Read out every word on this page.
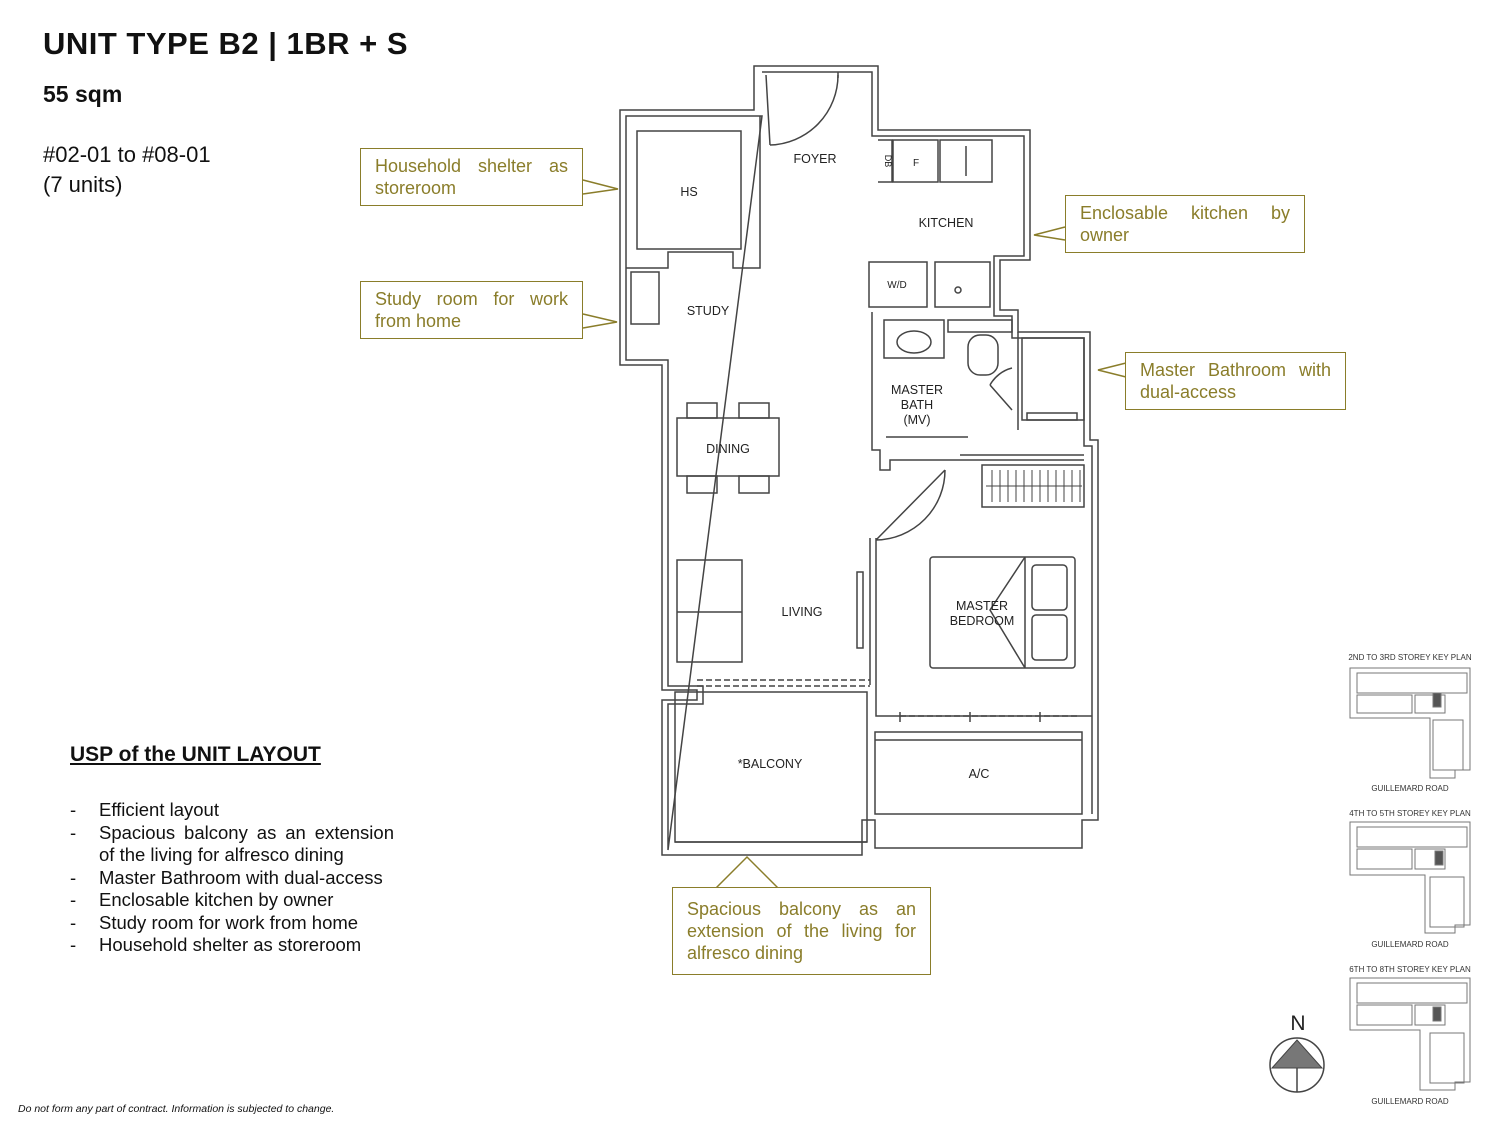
UNIT TYPE B2 | 1BR + S
55 sqm
#02-01 to #08-01
(7 units)
FOYER
HS
DB F
KITCHEN
W/D
STUDY
MASTER
BATH
(MV)
DINING
LIVING	MASTER
BEDROOM
*BALCONY
A/C
2ND TO 3RD STOREY KEY PLAN
GUILLEMARD ROAD
4TH TO 5TH STOREY KEY PLAN
GUILLEMARD ROAD
6TH TO 8TH STOREY KEY PLAN
GUILLEMARD ROAD
N
Household shelter as storeroom
Study room for work from home
Enclosable kitchen by owner
Master Bathroom with dual-access
Spacious balcony as an extension of the living for alfresco dining
USP of the UNIT LAYOUT
-	Efficient layout
-	Spacious balcony as an extension of the living for alfresco dining
-	Master Bathroom with dual-access
-	Enclosable kitchen by owner
-	Study room for work from home
-	Household shelter as storeroom
Do not form any part of contract. Information is subjected to change.
